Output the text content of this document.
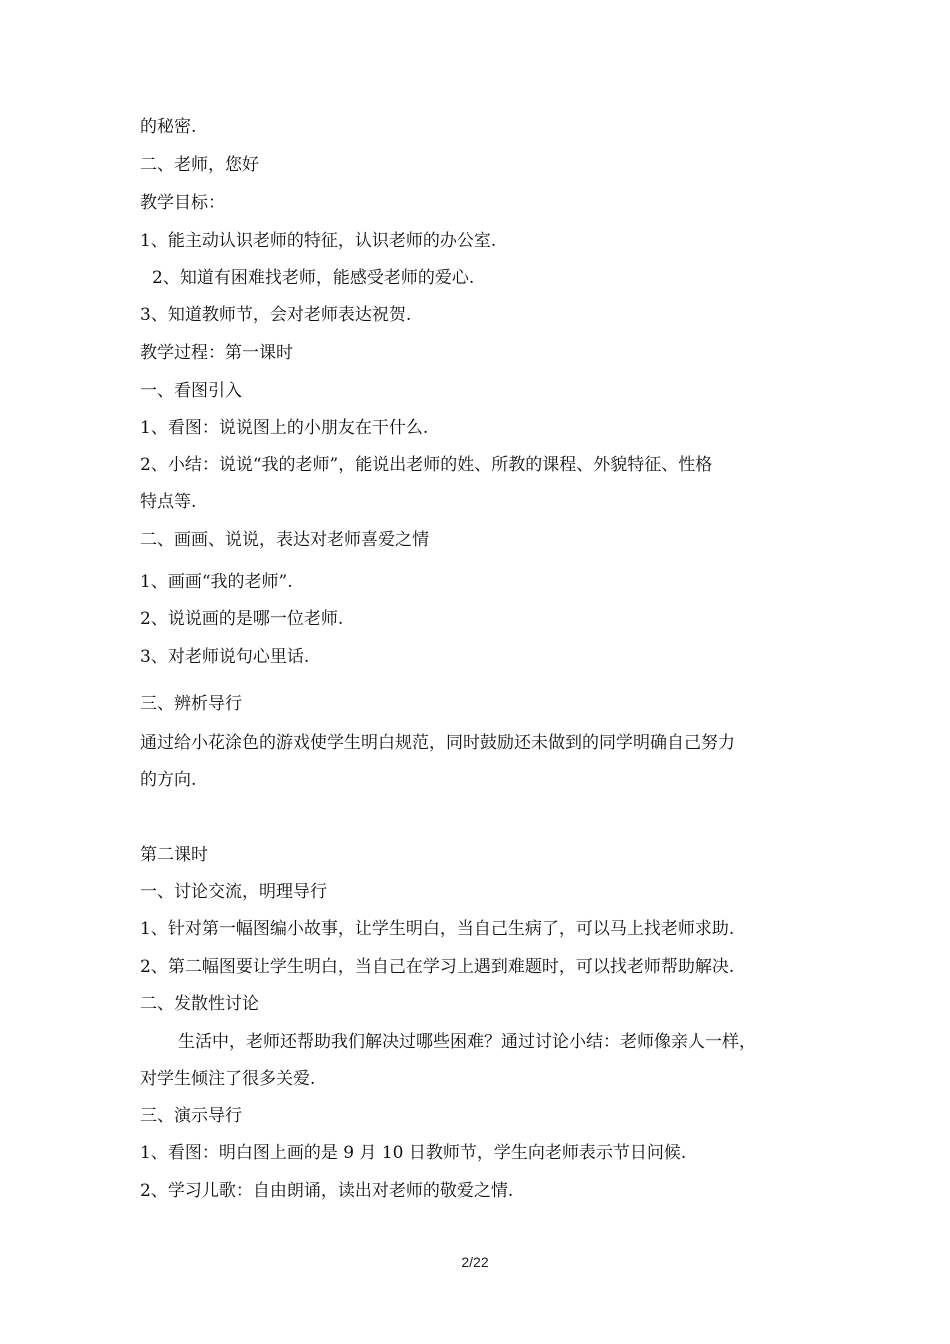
的秘密.
二、老师，您好
教学目标：
1、能主动认识老师的特征，认识老师的办公室.
2、知道有困难找老师，能感受老师的爱心.
3、知道教师节，会对老师表达祝贺.
教学过程：第一课时
一、看图引入
1、看图：说说图上的小朋友在干什么.
2、小结：说说“我的老师”，能说出老师的姓、所教的课程、外貌特征、性格
特点等.
二、画画、说说，表达对老师喜爱之情
1、画画“我的老师”.
2、说说画的是哪一位老师.
3、对老师说句心里话.
三、辨析导行
通过给小花涂色的游戏使学生明白规范，同时鼓励还未做到的同学明确自己努力
的方向.
第二课时
一、讨论交流，明理导行
1、针对第一幅图编小故事，让学生明白，当自己生病了，可以马上找老师求助.
2、第二幅图要让学生明白，当自己在学习上遇到难题时，可以找老师帮助解决.
二、发散性讨论
生活中，老师还帮助我们解决过哪些困难？通过讨论小结：老师像亲人一样，
对学生倾注了很多关爱.
三、演示导行
1、看图：明白图上画的是 9 月 10 日教师节，学生向老师表示节日问候.
2、学习儿歌：自由朗诵，读出对老师的敬爱之情.
2/22
